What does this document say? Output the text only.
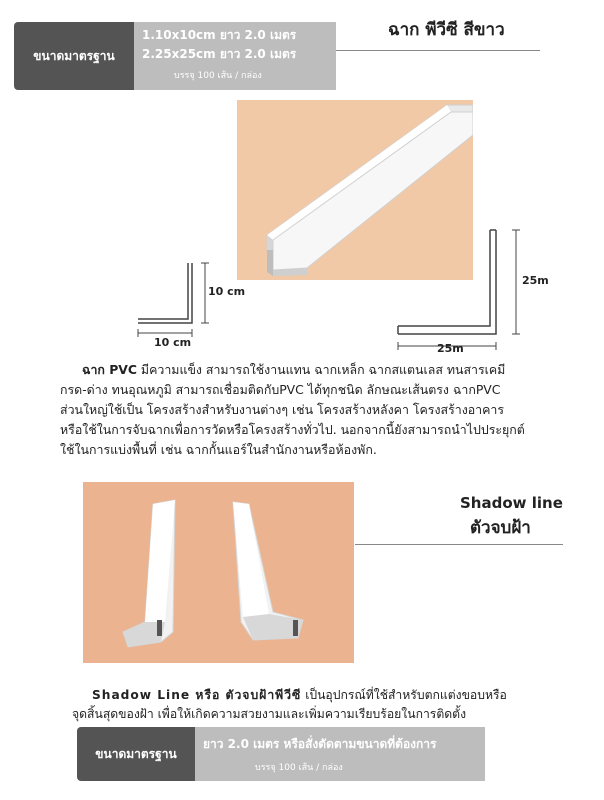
ขนาดมาตรฐาน
1.10x10cm ยาว 2.0 เมตร
2.25x25cm ยาว 2.0 เมตร
บรรจุ 100 เส้น / กล่อง
ฉาก พีวีซี สีขาว
10 cm
10 cm
25m
25m
ฉาก PVC มีความแข็ง สามารถใช้งานแทน ฉากเหล็ก ฉากสแตนเลส ทนสารเคมี
กรด-ด่าง ทนอุณหภูมิ สามารถเชื่อมติดกับPVC ได้ทุกชนิด ลักษณะเส้นตรง ฉากPVC
ส่วนใหญ่ใช้เป็น โครงสร้างสำหรับงานต่างๆ เช่น โครงสร้างหลังคา โครงสร้างอาคาร
หรือใช้ในการจับฉากเพื่อการวัดหรือโครงสร้างทั่วไป. นอกจากนี้ยังสามารถนำไปประยุกต์
ใช้ในการแบ่งพื้นที่ เช่น ฉากกั้นแอร์ในสำนักงานหรือห้องพัก.
Shadow line
ตัวจบฝ้า
Shadow Line หรือ ตัวจบฝ้าพีวีซี เป็นอุปกรณ์ที่ใช้สำหรับตกแต่งขอบหรือ
จุดสิ้นสุดของฝ้า เพื่อให้เกิดความสวยงามและเพิ่มความเรียบร้อยในการติดตั้ง
ขนาดมาตรฐาน
ยาว 2.0 เมตร หรือสั่งตัดตามขนาดที่ต้องการ
บรรจุ 100 เส้น / กล่อง
